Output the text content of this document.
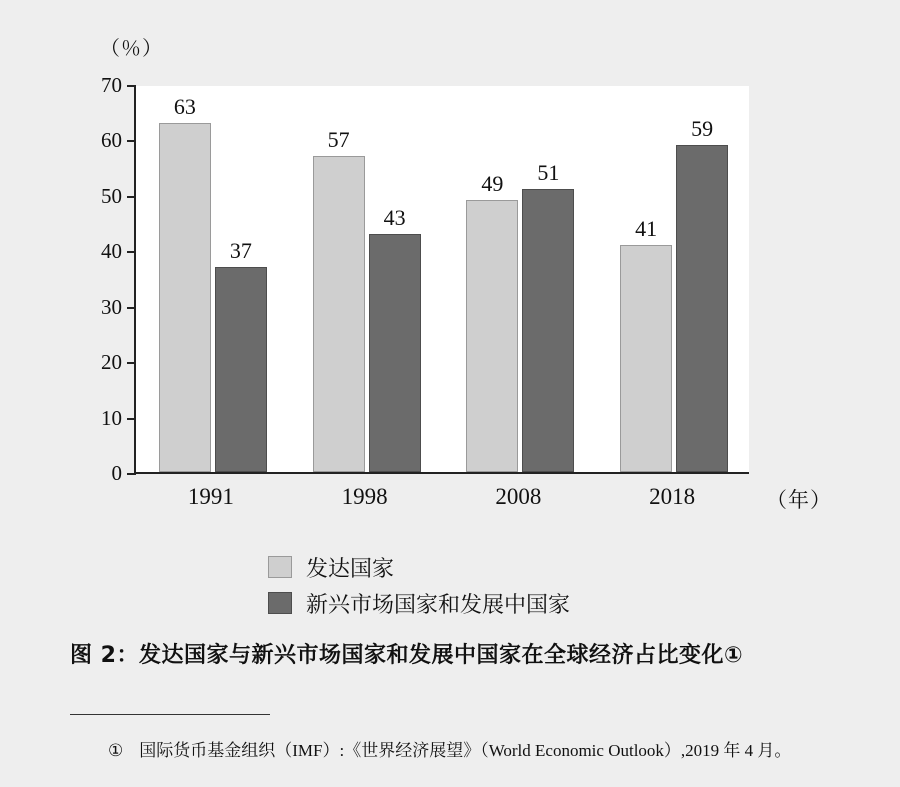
（％）
0
10
20
30
40
50
60
70
63
37
57
43
49 51
41
59
1991	1998	2008	2018	（年）
发达国家
新兴市场国家和发展中国家
图 2：发达国家与新兴市场国家和发展中国家在全球经济占比变化①
① 国际货币基金组织（IMF）:《世界经济展望》（World Economic Outlook）,2019 年 4 月。
